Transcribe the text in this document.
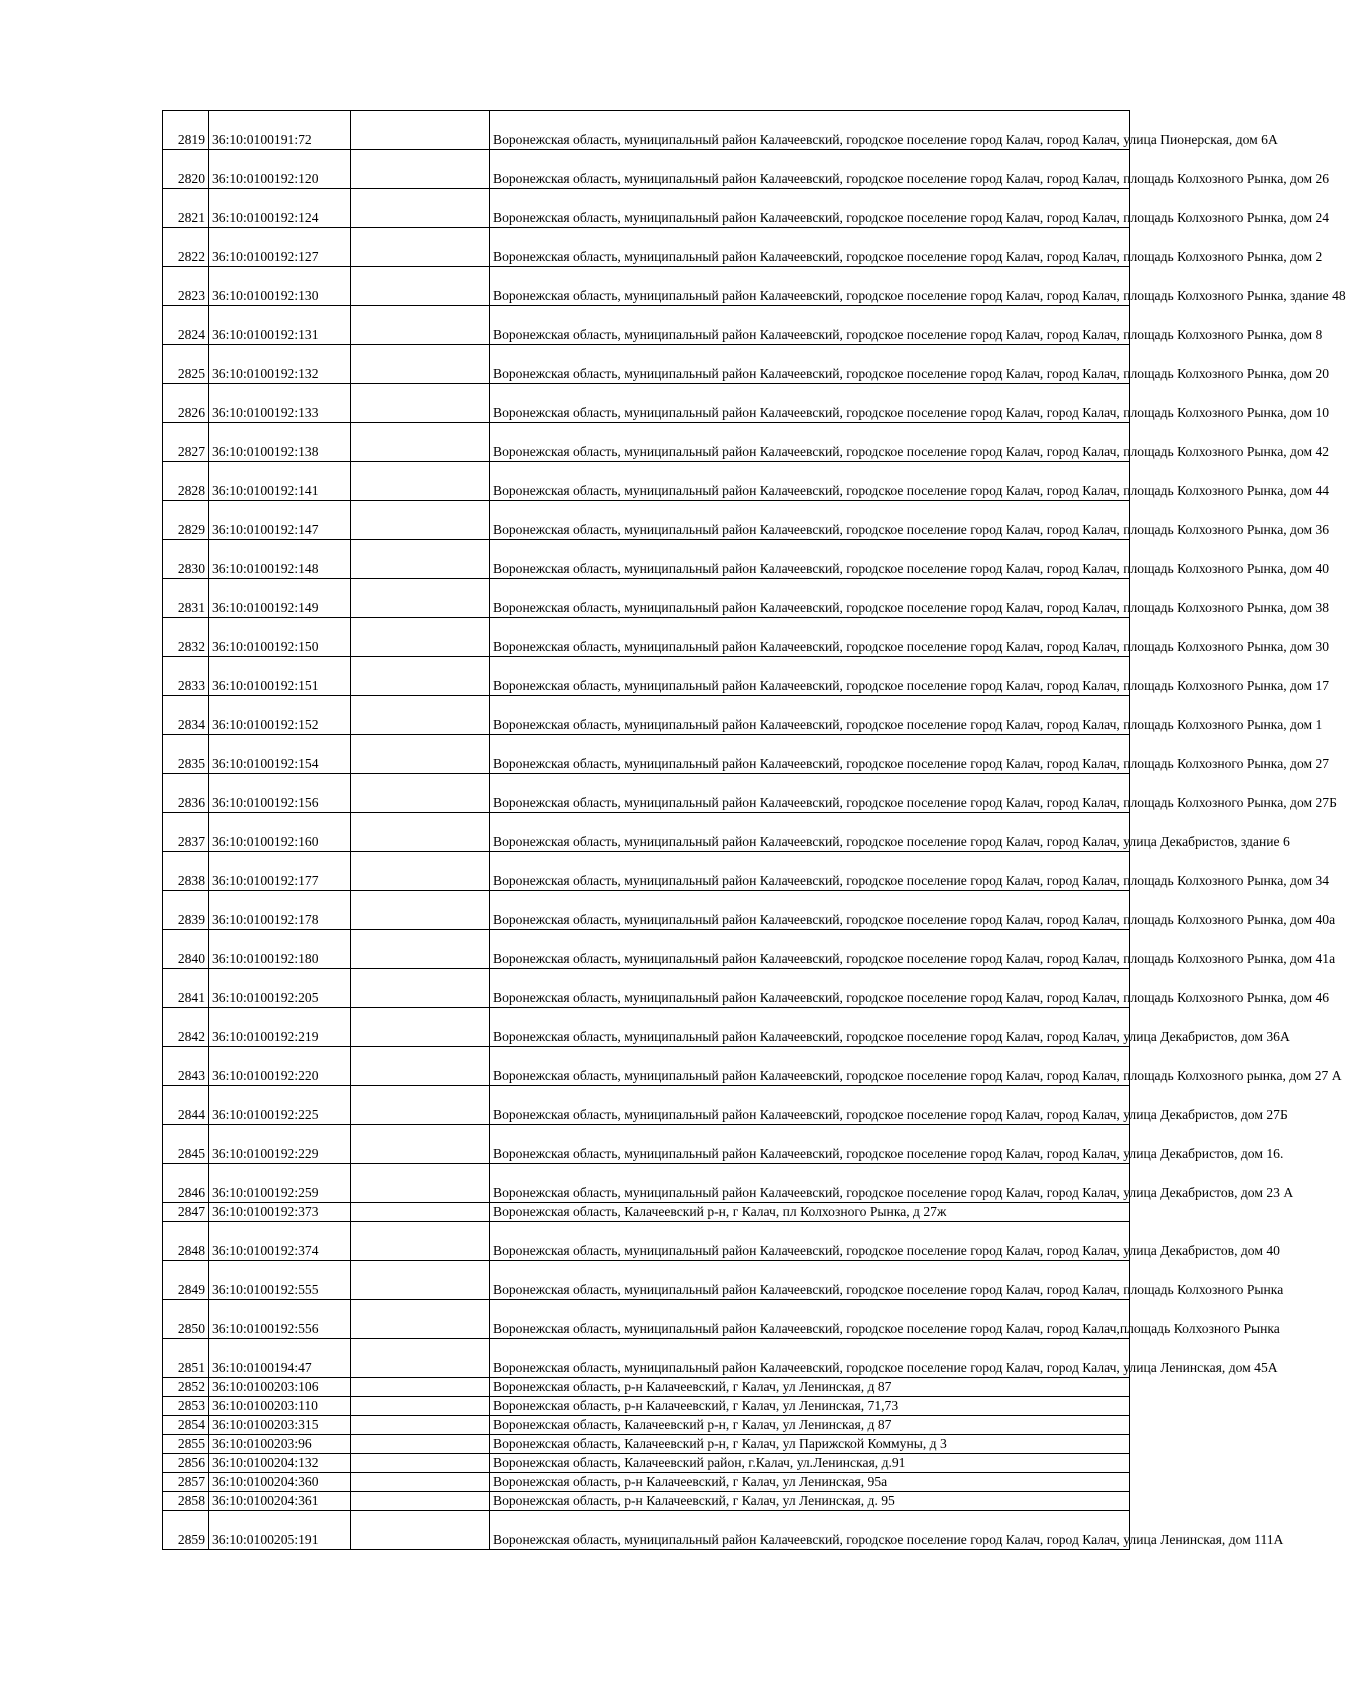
2819	36:10:0100191:72		Воронежская область, муниципальный район Калачеевский, городское поселение город Калач, город Калач, улица Пионерская, дом 6А
2820	36:10:0100192:120		Воронежская область, муниципальный район Калачеевский, городское поселение город Калач, город Калач, площадь Колхозного Рынка, дом 26
2821	36:10:0100192:124		Воронежская область, муниципальный район Калачеевский, городское поселение город Калач, город Калач, площадь Колхозного Рынка, дом 24
2822	36:10:0100192:127		Воронежская область, муниципальный район Калачеевский, городское поселение город Калач, город Калач, площадь Колхозного Рынка, дом 2
2823	36:10:0100192:130		Воронежская область, муниципальный район Калачеевский, городское поселение город Калач, город Калач, площадь Колхозного Рынка, здание 48
2824	36:10:0100192:131		Воронежская область, муниципальный район Калачеевский, городское поселение город Калач, город Калач, площадь Колхозного Рынка, дом 8
2825	36:10:0100192:132		Воронежская область, муниципальный район Калачеевский, городское поселение город Калач, город Калач, площадь Колхозного Рынка, дом 20
2826	36:10:0100192:133		Воронежская область, муниципальный район Калачеевский, городское поселение город Калач, город Калач, площадь Колхозного Рынка, дом 10
2827	36:10:0100192:138		Воронежская область, муниципальный район Калачеевский, городское поселение город Калач, город Калач, площадь Колхозного Рынка, дом 42
2828	36:10:0100192:141		Воронежская область, муниципальный район Калачеевский, городское поселение город Калач, город Калач, площадь Колхозного Рынка, дом 44
2829	36:10:0100192:147		Воронежская область, муниципальный район Калачеевский, городское поселение город Калач, город Калач, площадь Колхозного Рынка, дом 36
2830	36:10:0100192:148		Воронежская область, муниципальный район Калачеевский, городское поселение город Калач, город Калач, площадь Колхозного Рынка, дом 40
2831	36:10:0100192:149		Воронежская область, муниципальный район Калачеевский, городское поселение город Калач, город Калач, площадь Колхозного Рынка, дом 38
2832	36:10:0100192:150		Воронежская область, муниципальный район Калачеевский, городское поселение город Калач, город Калач, площадь Колхозного Рынка, дом 30
2833	36:10:0100192:151		Воронежская область, муниципальный район Калачеевский, городское поселение город Калач, город Калач, площадь Колхозного Рынка, дом 17
2834	36:10:0100192:152		Воронежская область, муниципальный район Калачеевский, городское поселение город Калач, город Калач, площадь Колхозного Рынка, дом 1
2835	36:10:0100192:154		Воронежская область, муниципальный район Калачеевский, городское поселение город Калач, город Калач, площадь Колхозного Рынка, дом 27
2836	36:10:0100192:156		Воронежская область, муниципальный район Калачеевский, городское поселение город Калач, город Калач, площадь Колхозного Рынка, дом 27Б
2837	36:10:0100192:160		Воронежская область, муниципальный район Калачеевский, городское поселение город Калач, город Калач, улица Декабристов, здание 6
2838	36:10:0100192:177		Воронежская область, муниципальный район Калачеевский, городское поселение город Калач, город Калач, площадь Колхозного Рынка, дом 34
2839	36:10:0100192:178		Воронежская область, муниципальный район Калачеевский, городское поселение город Калач, город Калач, площадь Колхозного Рынка, дом 40а
2840	36:10:0100192:180		Воронежская область, муниципальный район Калачеевский, городское поселение город Калач, город Калач, площадь Колхозного Рынка, дом 41а
2841	36:10:0100192:205		Воронежская область, муниципальный район Калачеевский, городское поселение город Калач, город Калач, площадь Колхозного Рынка, дом 46
2842	36:10:0100192:219		Воронежская область, муниципальный район Калачеевский, городское поселение город Калач, город Калач, улица Декабристов, дом 36А
2843	36:10:0100192:220		Воронежская область, муниципальный район Калачеевский, городское поселение город Калач, город Калач, площадь Колхозного рынка, дом 27 А
2844	36:10:0100192:225		Воронежская область, муниципальный район Калачеевский, городское поселение город Калач, город Калач, улица Декабристов, дом 27Б
2845	36:10:0100192:229		Воронежская область, муниципальный район Калачеевский, городское поселение город Калач, город Калач, улица Декабристов, дом 16.
2846	36:10:0100192:259		Воронежская область, муниципальный район Калачеевский, городское поселение город Калач, город Калач, улица Декабристов, дом 23 А
2847	36:10:0100192:373		Воронежская область, Калачеевский р-н, г Калач, пл Колхозного Рынка, д 27ж
2848	36:10:0100192:374		Воронежская область, муниципальный район Калачеевский, городское поселение город Калач, город Калач, улица Декабристов, дом 40
2849	36:10:0100192:555		Воронежская область, муниципальный район Калачеевский, городское поселение город Калач, город Калач, площадь Колхозного Рынка
2850	36:10:0100192:556		Воронежская область, муниципальный район Калачеевский, городское поселение город Калач, город Калач,площадь Колхозного Рынка
2851	36:10:0100194:47		Воронежская область, муниципальный район Калачеевский, городское поселение город Калач, город Калач, улица Ленинская, дом 45А
2852	36:10:0100203:106		Воронежская область, р-н Калачеевский, г Калач, ул Ленинская, д 87
2853	36:10:0100203:110		Воронежская область, р-н Калачеевский, г Калач, ул Ленинская, 71,73
2854	36:10:0100203:315		Воронежская область, Калачеевский р-н, г Калач, ул Ленинская, д 87
2855	36:10:0100203:96		Воронежская область, Калачеевский р-н, г Калач, ул Парижской Коммуны, д 3
2856	36:10:0100204:132		Воронежская область, Калачеевский район, г.Калач, ул.Ленинская, д.91
2857	36:10:0100204:360		Воронежская область, р-н Калачеевский, г Калач, ул Ленинская, 95а
2858	36:10:0100204:361		Воронежская область, р-н Калачеевский, г Калач, ул Ленинская, д. 95
2859	36:10:0100205:191		Воронежская область, муниципальный район Калачеевский, городское поселение город Калач, город Калач, улица Ленинская, дом 111А
